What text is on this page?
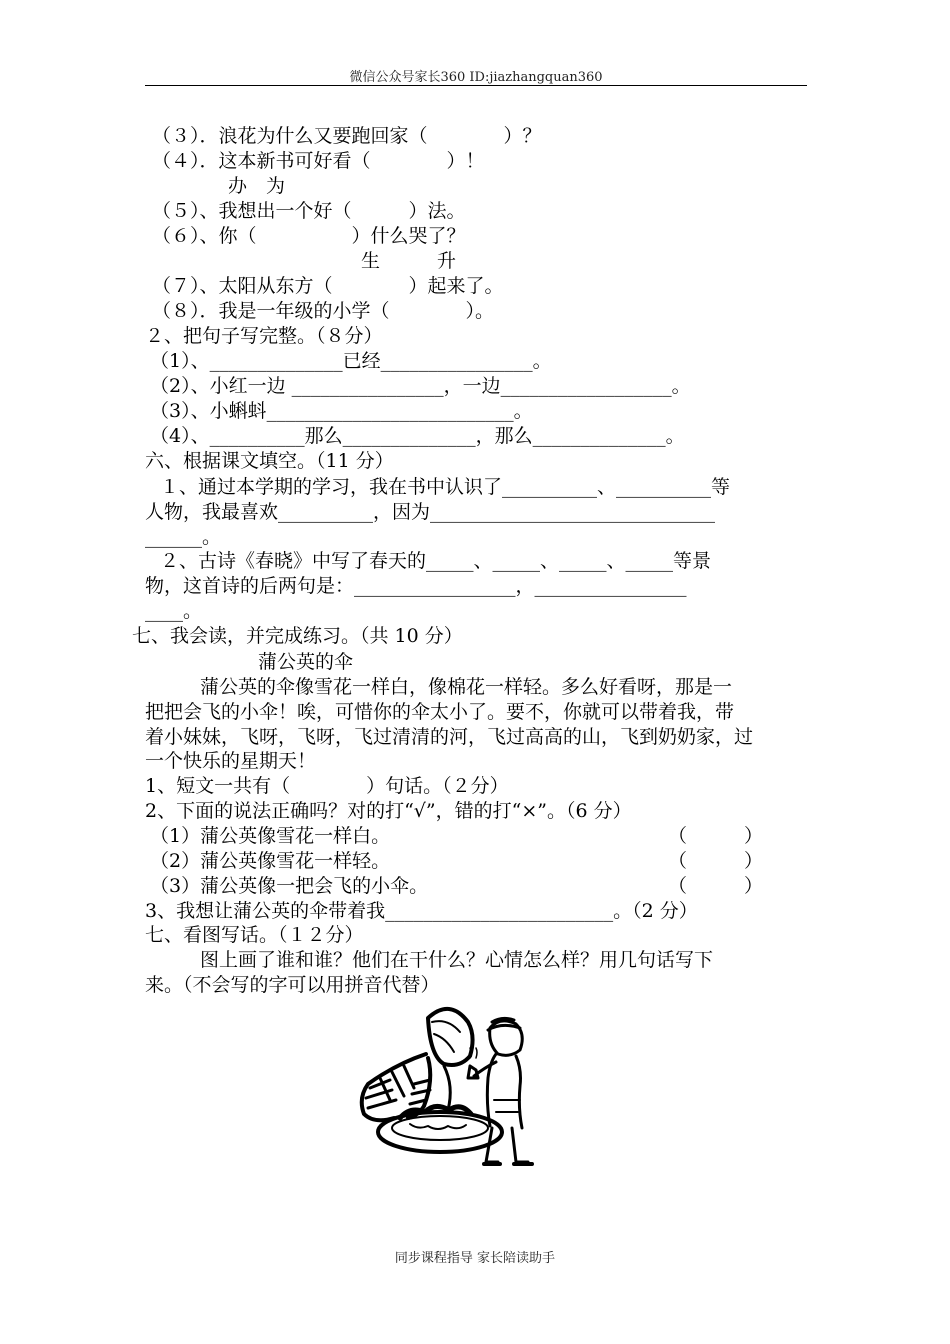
微信公众号家长360 ID:jiazhangquan360
（３）．浪花为什么又要跑回家（　　　　）？
（４）．这本新书可好看（　　　　）！
办　为
（５）、我想出一个好（　　　）法。
（６）、你（　　　　　）什么哭了？
生　　　升
（７）、太阳从东方（　　　　）起来了。
（８）．我是一年级的小学（　　　　）。
２、把句子写完整。（８分）
（1）、______________已经________________。
（2）、小红一边 ________________，一边__________________。
（3）、小蝌蚪__________________________。
（4）、__________那么______________，那么______________。
六、根据课文填空。（11 分）
１、通过本学期的学习，我在书中认识了__________、__________等
人物，我最喜欢__________，因为______________________________
______。
２、古诗《春晓》中写了春天的_____、_____、_____、_____等景
物，这首诗的后两句是：_________________，________________
____。
七、我会读，并完成练习。（共 10 分）
蒲公英的伞
蒲公英的伞像雪花一样白，像棉花一样轻。多么好看呀，那是一
把把会飞的小伞！唉，可惜你的伞太小了。要不，你就可以带着我，带
着小妹妹，飞呀，飞呀，飞过清清的河，飞过高高的山，飞到奶奶家，过
一个快乐的星期天！
1、短文一共有（　　　　）句话。（２分）
2、下面的说法正确吗？对的打“√”，错的打“×”。（6 分）
（1）蒲公英像雪花一样白。	（　　　）
（2）蒲公英像雪花一样轻。	（　　　）
（3）蒲公英像一把会飞的小伞。	（　　　）
3、我想让蒲公英的伞带着我________________________。（2 分）
七、看图写话。（１２分）
图上画了谁和谁？他们在干什么？心情怎么样？用几句话写下
来。（不会写的字可以用拼音代替）
同步课程指导 家长陪读助手
